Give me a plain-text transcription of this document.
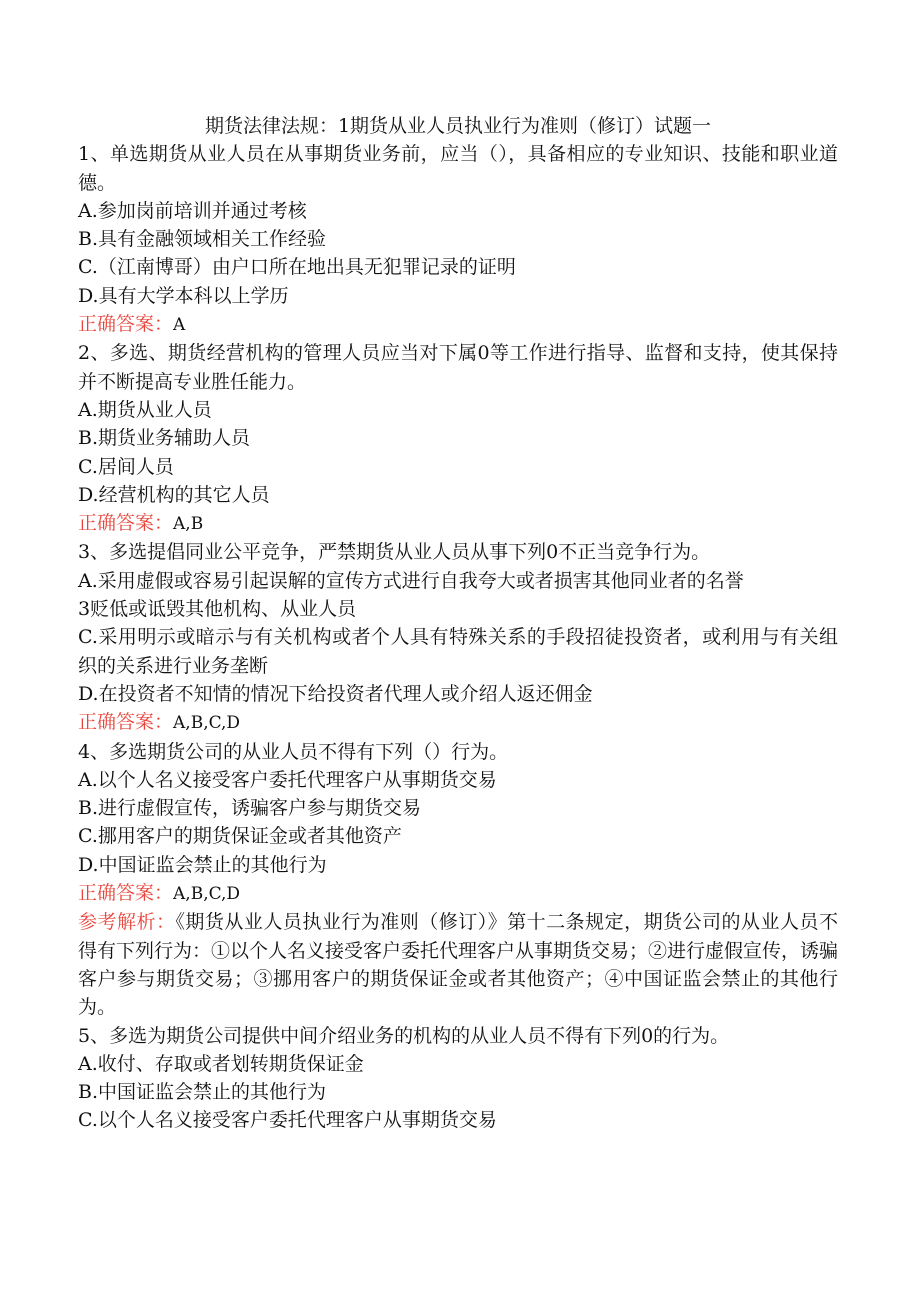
期货法律法规：1期货从业人员执业行为准则（修订）试题一
1、单选期货从业人员在从事期货业务前，应当（），具备相应的专业知识、技能和职业道德。
A.参加岗前培训并通过考核
B.具有金融领域相关工作经验
C.（江南博哥）由户口所在地出具无犯罪记录的证明
D.具有大学本科以上学历
正确答案：A
2、多选、期货经营机构的管理人员应当对下属0等工作进行指导、监督和支持，使其保持并不断提高专业胜任能力。
A.期货从业人员
B.期货业务辅助人员
C.居间人员
D.经营机构的其它人员
正确答案：A,B
3、多选提倡同业公平竞争，严禁期货从业人员从事下列0不正当竞争行为。
A.采用虚假或容易引起误解的宣传方式进行自我夸大或者损害其他同业者的名誉
3贬低或诋毁其他机构、从业人员
C.采用明示或暗示与有关机构或者个人具有特殊关系的手段招徒投资者，或利用与有关组织的关系进行业务垄断
D.在投资者不知情的情况下给投资者代理人或介绍人返还佣金
正确答案：A,B,C,D
4、多选期货公司的从业人员不得有下列（）行为。
A.以个人名义接受客户委托代理客户从事期货交易
B.进行虚假宣传，诱骗客户参与期货交易
C.挪用客户的期货保证金或者其他资产
D.中国证监会禁止的其他行为
正确答案：A,B,C,D
参考解析：《期货从业人员执业行为准则（修订）》第十二条规定，期货公司的从业人员不得有下列行为：①以个人名义接受客户委托代理客户从事期货交易；②进行虚假宣传，诱骗客户参与期货交易；③挪用客户的期货保证金或者其他资产；④中国证监会禁止的其他行为。
5、多选为期货公司提供中间介绍业务的机构的从业人员不得有下列0的行为。
A.收付、存取或者划转期货保证金
B.中国证监会禁止的其他行为
C.以个人名义接受客户委托代理客户从事期货交易
